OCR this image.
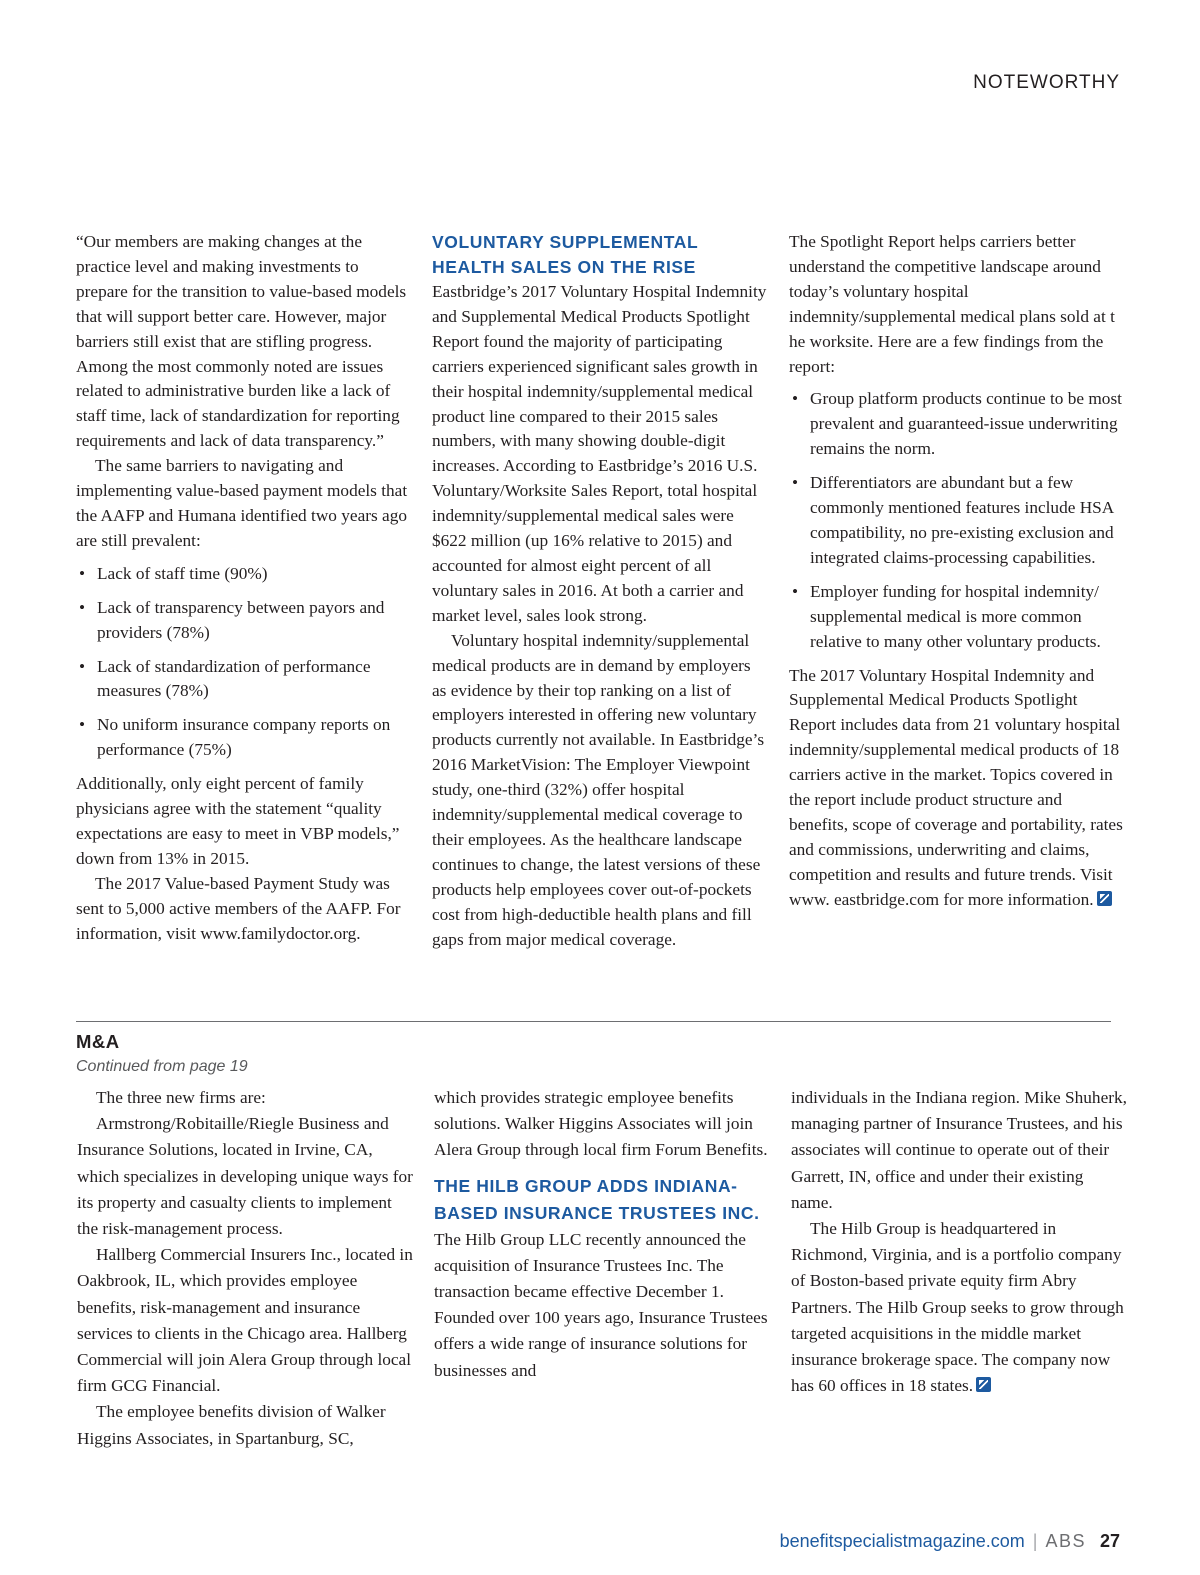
NOTEWORTHY

“Our members are making changes at the practice level and making investments to prepare for the transition to value-based models that will support better care. However, major barriers still exist that are stifling progress. Among the most commonly noted are issues related to administrative burden like a lack of staff time, lack of standardization for reporting requirements and lack of data transparency.”

The same barriers to navigating and implementing value-based payment models that the AAFP and Humana identified two years ago are still prevalent:

• Lack of staff time (90%)
• Lack of transparency between payors and providers (78%)
• Lack of standardization of performance measures (78%)
• No uniform insurance company reports on performance (75%)

Additionally, only eight percent of family physicians agree with the statement “quality expectations are easy to meet in VBP models,” down from 13% in 2015.

The 2017 Value-based Payment Study was sent to 5,000 active members of the AAFP. For information, visit www.familydoctor.org.

VOLUNTARY SUPPLEMENTAL HEALTH SALES ON THE RISE

Eastbridge’s 2017 Voluntary Hospital Indemnity and Supplemental Medical Products Spotlight Report found the majority of participating carriers experienced significant sales growth in their hospital indemnity/supplemental medical product line compared to their 2015 sales numbers, with many showing double-digit increases. According to Eastbridge’s 2016 U.S. Voluntary/Worksite Sales Report, total hospital indemnity/supplemental medical sales were $622 million (up 16% relative to 2015) and accounted for almost eight percent of all voluntary sales in 2016. At both a carrier and market level, sales look strong.

Voluntary hospital indemnity/supplemental medical products are in demand by employers as evidence by their top ranking on a list of employers interested in offering new voluntary products currently not available. In Eastbridge’s 2016 MarketVision: The Employer Viewpoint study, one-third (32%) offer hospital indemnity/supplemental medical coverage to their employees. As the healthcare landscape continues to change, the latest versions of these products help employees cover out-of-pockets cost from high-deductible health plans and fill gaps from major medical coverage.

The Spotlight Report helps carriers better understand the competitive landscape around today’s voluntary hospital indemnity/supplemental medical plans sold at t he worksite. Here are a few findings from the report:

• Group platform products continue to be most prevalent and guaranteed-issue underwriting remains the norm.
• Differentiators are abundant but a few commonly mentioned features include HSA compatibility, no pre-existing exclusion and integrated claims-processing capabilities.
• Employer funding for hospital indemnity/ supplemental medical is more common relative to many other voluntary products.

The 2017 Voluntary Hospital Indemnity and Supplemental Medical Products Spotlight Report includes data from 21 voluntary hospital indemnity/supplemental medical products of 18 carriers active in the market. Topics covered in the report include product structure and benefits, scope of coverage and portability, rates and commissions, underwriting and claims, competition and results and future trends. Visit www. eastbridge.com for more information.

M&A
Continued from page 19

The three new firms are:

Armstrong/Robitaille/Riegle Business and Insurance Solutions, located in Irvine, CA, which specializes in developing unique ways for its property and casualty clients to implement the risk-management process.

Hallberg Commercial Insurers Inc., located in Oakbrook, IL, which provides employee benefits, risk-management and insurance services to clients in the Chicago area. Hallberg Commercial will join Alera Group through local firm GCG Financial.

The employee benefits division of Walker Higgins Associates, in Spartanburg, SC,

which provides strategic employee benefits solutions. Walker Higgins Associates will join Alera Group through local firm Forum Benefits.

THE HILB GROUP ADDS INDIANA-BASED INSURANCE TRUSTEES INC.

The Hilb Group LLC recently announced the acquisition of Insurance Trustees Inc. The transaction became effective December 1. Founded over 100 years ago, Insurance Trustees offers a wide range of insurance solutions for businesses and

individuals in the Indiana region. Mike Shuherk, managing partner of Insurance Trustees, and his associates will continue to operate out of their Garrett, IN, office and under their existing name.

The Hilb Group is headquartered in Richmond, Virginia, and is a portfolio company of Boston-based private equity firm Abry Partners. The Hilb Group seeks to grow through targeted acquisitions in the middle market insurance brokerage space. The company now has 60 offices in 18 states.

benefitspecialistmagazine.com | ABS 27
